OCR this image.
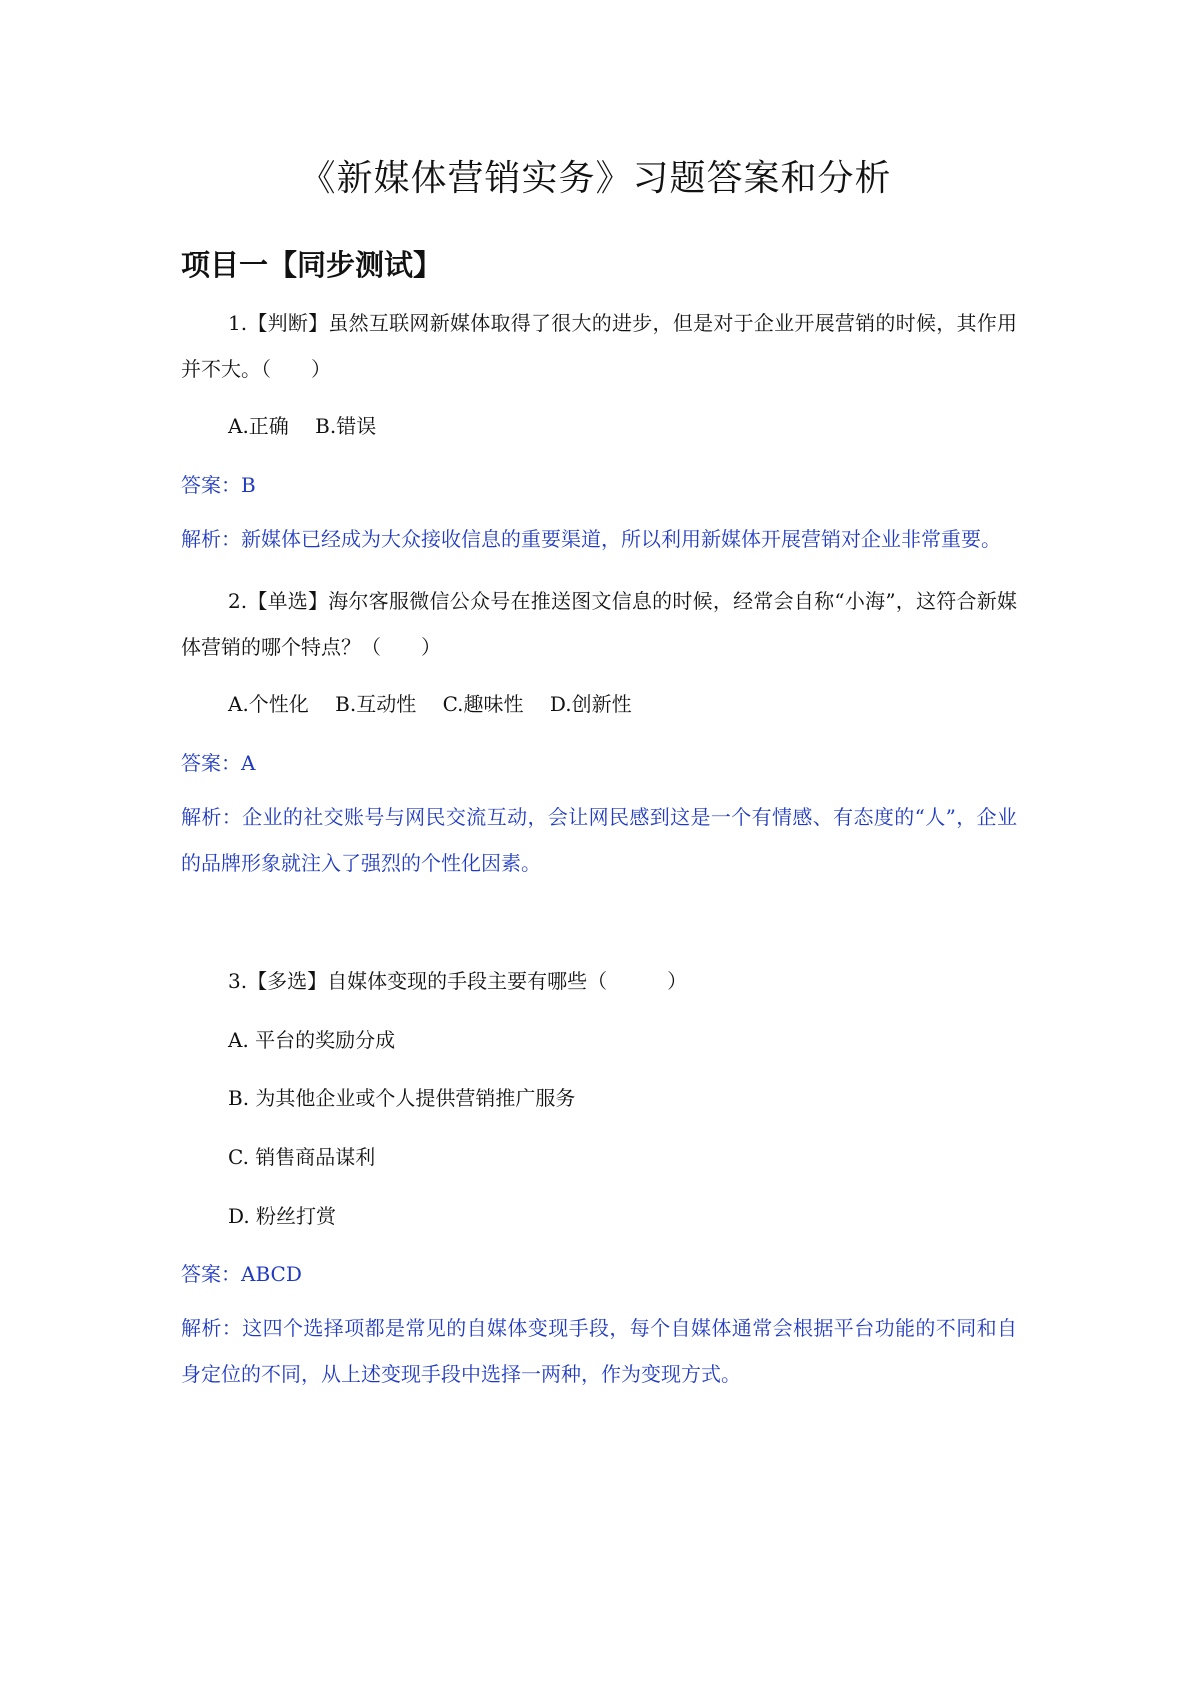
《新媒体营销实务》习题答案和分析
项目一【同步测试】
1.【判断】虽然互联网新媒体取得了很大的进步，但是对于企业开展营销的时候，其作用并不大。（　　）
A.正确 B.错误
答案：B
解析：新媒体已经成为大众接收信息的重要渠道，所以利用新媒体开展营销对企业非常重要。
2.【单选】海尔客服微信公众号在推送图文信息的时候，经常会自称“小海”，这符合新媒体营销的哪个特点？（　　）
A.个性化 B.互动性 C.趣味性 D.创新性
答案：A
解析：企业的社交账号与网民交流互动，会让网民感到这是一个有情感、有态度的“人”，企业的品牌形象就注入了强烈的个性化因素。
3.【多选】自媒体变现的手段主要有哪些（　　　）
A. 平台的奖励分成
B. 为其他企业或个人提供营销推广服务
C. 销售商品谋利
D. 粉丝打赏
答案：ABCD
解析：这四个选择项都是常见的自媒体变现手段，每个自媒体通常会根据平台功能的不同和自身定位的不同，从上述变现手段中选择一两种，作为变现方式。
